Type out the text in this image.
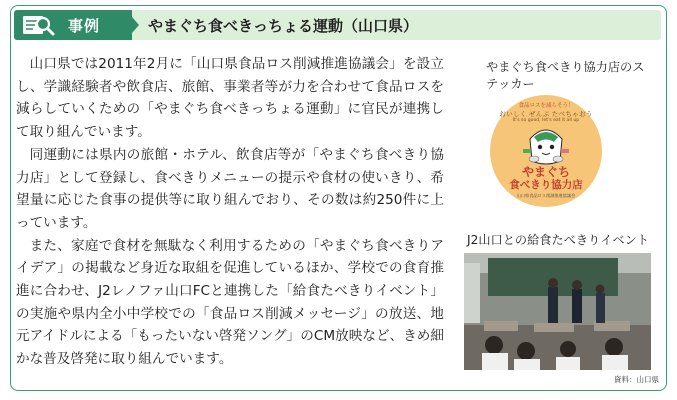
事例	やまぐち食べきっちょる運動（山口県）

山口県では2011年2月に「山口県食品ロス削減推進協議会」を設立し、学識経験者や飲食店、旅館、事業者等が力を合わせて食品ロスを減らしていくための「やまぐち食べきっちょる運動」に官民が連携して取り組んでいます。

同運動には県内の旅館・ホテル、飲食店等が「やまぐち食べきり協力店」として登録し、食べきりメニューの提示や食材の使いきり、希望量に応じた食事の提供等に取り組んでおり、その数は約250件に上っています。

また、家庭で食材を無駄なく利用するための「やまぐち食べきりアイデア」の掲載など身近な取組を促進しているほか、学校での食育推進に合わせ、J2レノファ山口FCと連携した「給食たべきりイベント」の実施や県内全小中学校での「食品ロス削減メッセージ」の放送、地元アイドルによる「もったいない啓発ソング」のCM放映など、きめ細かな普及啓発に取り組んでいます。

やまぐち食べきり協力店のステッカー
食品ロスを減らそう！
おいしく ぜんぶ たべちゃおう
It's so good, let's eat it all up
やまぐち
食べきり協力店
山口県食品ロス削減推進協議会
J2山口との給食たべきりイベント
資料：山口県
